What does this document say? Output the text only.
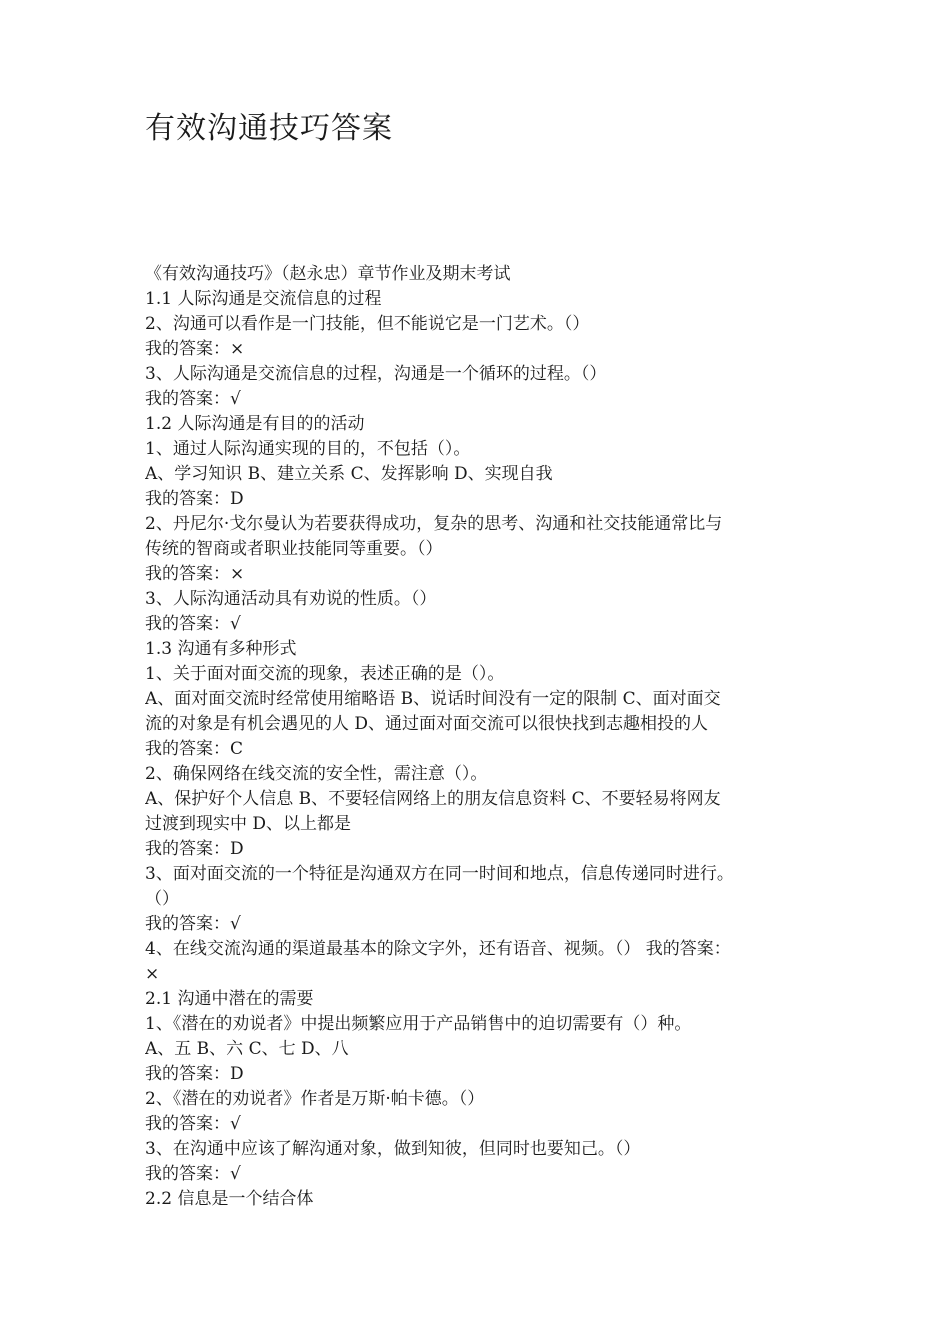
有效沟通技巧答案
《有效沟通技巧》（赵永忠）章节作业及期末考试
1.1 人际沟通是交流信息的过程
2、沟通可以看作是一门技能，但不能说它是一门艺术。（）
我的答案：×
3、人际沟通是交流信息的过程，沟通是一个循环的过程。（）
我的答案：√
1.2 人际沟通是有目的的活动
1、通过人际沟通实现的目的，不包括（）。
A、学习知识 B、建立关系 C、发挥影响 D、实现自我
我的答案：D
2、丹尼尔·戈尔曼认为若要获得成功，复杂的思考、沟通和社交技能通常比与
传统的智商或者职业技能同等重要。（）
我的答案：×
3、人际沟通活动具有劝说的性质。（）
我的答案：√
1.3 沟通有多种形式
1、关于面对面交流的现象，表述正确的是（）。
A、面对面交流时经常使用缩略语 B、说话时间没有一定的限制 C、面对面交
流的对象是有机会遇见的人 D、通过面对面交流可以很快找到志趣相投的人
我的答案：C
2、确保网络在线交流的安全性，需注意（）。
A、保护好个人信息 B、不要轻信网络上的朋友信息资料 C、不要轻易将网友
过渡到现实中 D、以上都是
我的答案：D
3、面对面交流的一个特征是沟通双方在同一时间和地点，信息传递同时进行。
（）
我的答案：√
4、在线交流沟通的渠道最基本的除文字外，还有语音、视频。（） 我的答案：
×
2.1 沟通中潜在的需要
1、《潜在的劝说者》中提出频繁应用于产品销售中的迫切需要有（）种。
A、五 B、六 C、七 D、八
我的答案：D
2、《潜在的劝说者》作者是万斯·帕卡德。（）
我的答案：√
3、在沟通中应该了解沟通对象，做到知彼，但同时也要知己。（）
我的答案：√
2.2 信息是一个结合体
